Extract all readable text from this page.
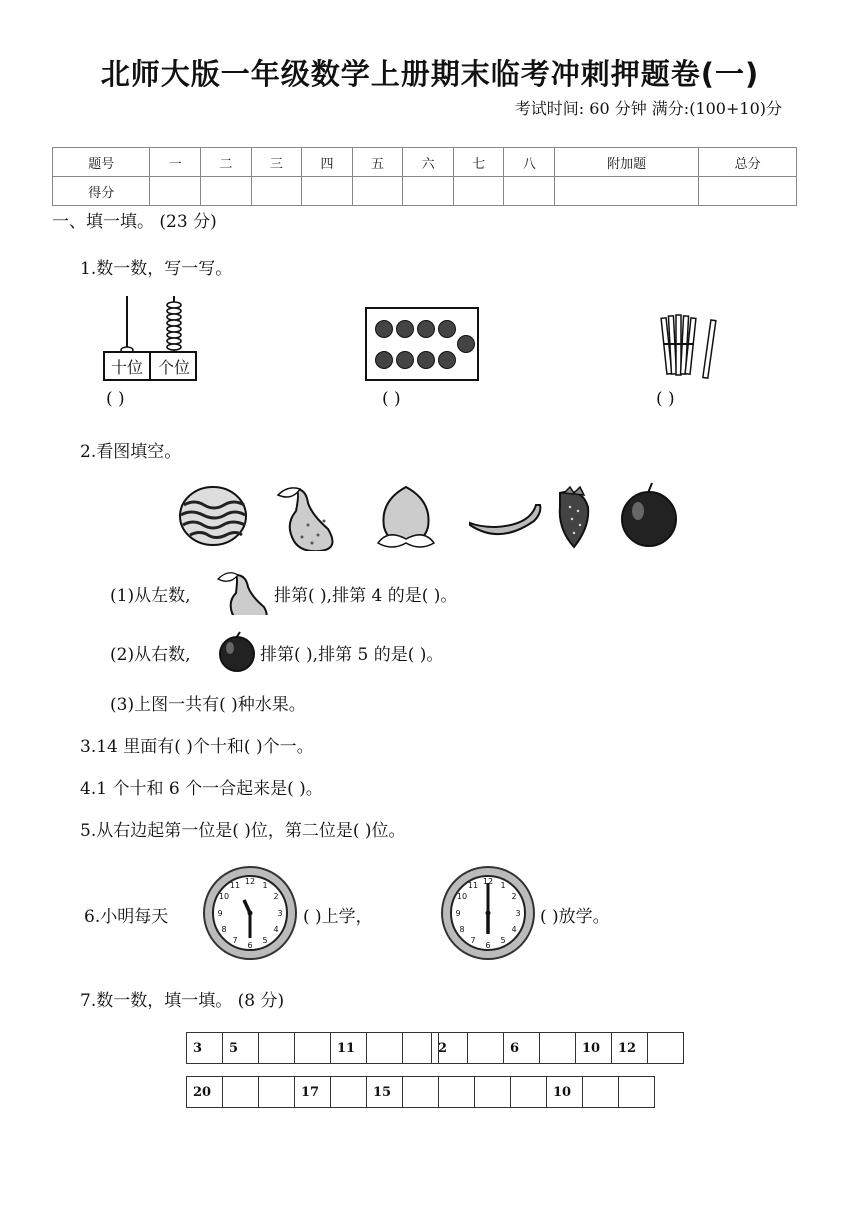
北师大版一年级数学上册期末临考冲刺押题卷(一)
考试时间: 60 分钟 满分:(100+10)分
题号	一	二	三	四	五	六	七	八	附加题	总分
得分										
一、填一填。 (23 分)
1.数一数，写一写。
十位 个位
( )	( )	( )
2.看图填空。
(1)从左数,	排第( ),排第 4 的是( )。
(2)从右数,	排第( ),排第 5 的是( )。
(3)上图一共有( )种水果。
3.14 里面有( )个十和( )个一。
4.1 个十和 6 个一合起来是( )。
5.从右边起第一位是( )位，第二位是( )位。
6.小明每天
12 1
2
3
4
5
6
7
8
9
10
11
( )上学，
12 1
2
3
4
5
6
7
8
9
10
11
( )放学。
7.数一数，填一填。 (8 分)
3	5			11			2		6		10	12	
20			17		15					10		
